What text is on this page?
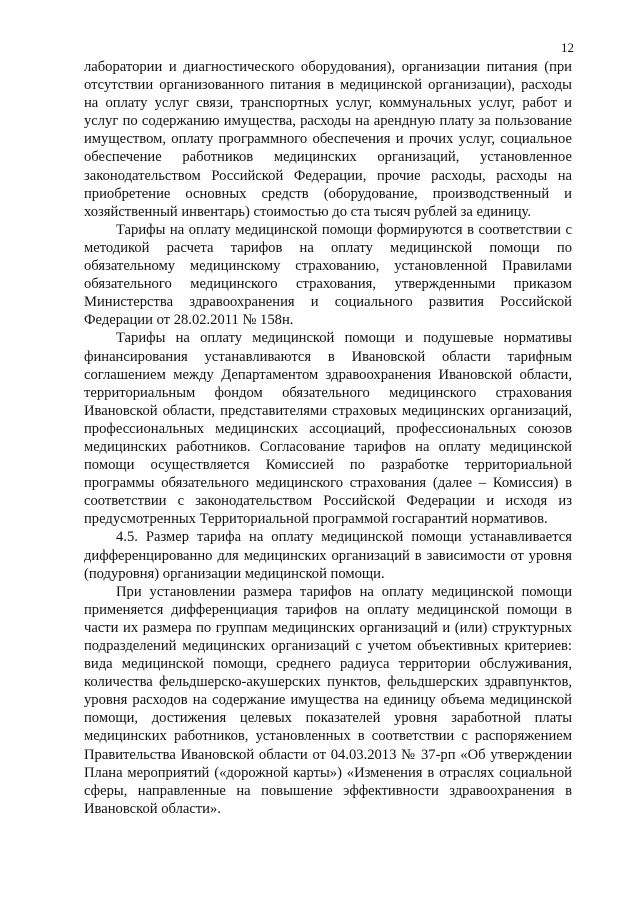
12

лаборатории и диагностического оборудования), организации питания (при отсутствии организованного питания в медицинской организации), расходы на оплату услуг связи, транспортных услуг, коммунальных услуг, работ и услуг по содержанию имущества, расходы на арендную плату за пользование имуществом, оплату программного обеспечения и прочих услуг, социальное обеспечение работников медицинских организаций, установленное законодательством Российской Федерации, прочие расходы, расходы на приобретение основных средств (оборудование, производственный и хозяйственный инвентарь) стоимостью до ста тысяч рублей за единицу.

Тарифы на оплату медицинской помощи формируются в соответствии с методикой расчета тарифов на оплату медицинской помощи по обязательному медицинскому страхованию, установленной Правилами обязательного медицинского страхования, утвержденными приказом Министерства здравоохранения и социального развития Российской Федерации от 28.02.2011 № 158н.

Тарифы на оплату медицинской помощи и подушевые нормативы финансирования устанавливаются в Ивановской области тарифным соглашением между Департаментом здравоохранения Ивановской области, территориальным фондом обязательного медицинского страхования Ивановской области, представителями страховых медицинских организаций, профессиональных медицинских ассоциаций, профессиональных союзов медицинских работников. Согласование тарифов на оплату медицинской помощи осуществляется Комиссией по разработке территориальной программы обязательного медицинского страхования (далее – Комиссия) в соответствии с законодательством Российской Федерации и исходя из предусмотренных Территориальной программой госгарантий нормативов.

4.5. Размер тарифа на оплату медицинской помощи устанавливается дифференцированно для медицинских организаций в зависимости от уровня (подуровня) организации медицинской помощи.

При установлении размера тарифов на оплату медицинской помощи применяется дифференциация тарифов на оплату медицинской помощи в части их размера по группам медицинских организаций и (или) структурных подразделений медицинских организаций с учетом объективных критериев: вида медицинской помощи, среднего радиуса территории обслуживания, количества фельдшерско-акушерских пунктов, фельдшерских здравпунктов, уровня расходов на содержание имущества на единицу объема медицинской помощи, достижения целевых показателей уровня заработной платы медицинских работников, установленных в соответствии с распоряжением Правительства Ивановской области от 04.03.2013 № 37-рп «Об утверждении Плана мероприятий («дорожной карты») «Изменения в отраслях социальной сферы, направленные на повышение эффективности здравоохранения в Ивановской области».
